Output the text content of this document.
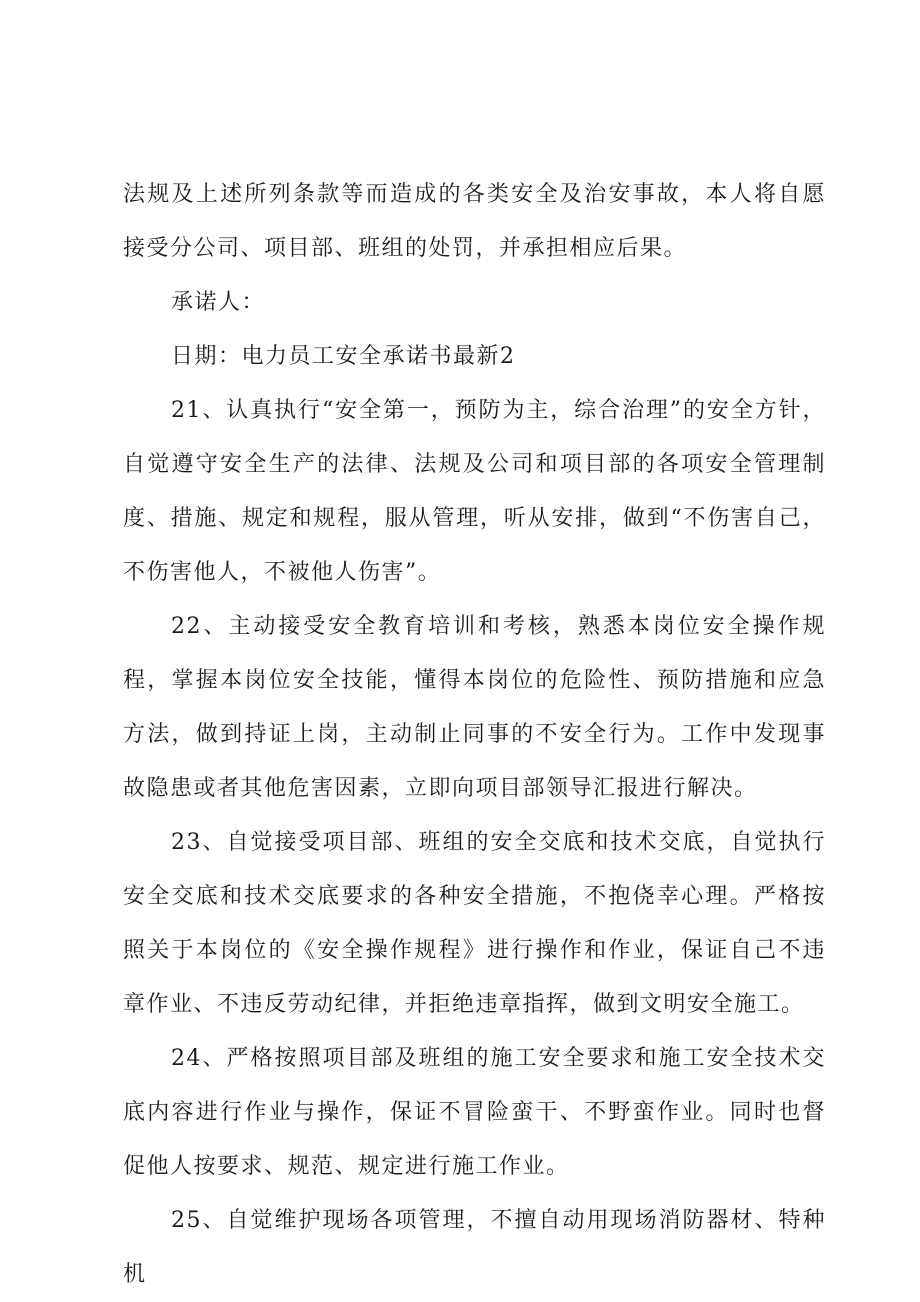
法规及上述所列条款等而造成的各类安全及治安事故，本人将自愿接受分公司、项目部、班组的处罚，并承担相应后果。

承诺人：

日期：电力员工安全承诺书最新2

21、认真执行“安全第一，预防为主，综合治理”的安全方针，自觉遵守安全生产的法律、法规及公司和项目部的各项安全管理制度、措施、规定和规程，服从管理，听从安排，做到“不伤害自己，不伤害他人，不被他人伤害”。

22、主动接受安全教育培训和考核，熟悉本岗位安全操作规程，掌握本岗位安全技能，懂得本岗位的危险性、预防措施和应急方法，做到持证上岗，主动制止同事的不安全行为。工作中发现事故隐患或者其他危害因素，立即向项目部领导汇报进行解决。

23、自觉接受项目部、班组的安全交底和技术交底，自觉执行安全交底和技术交底要求的各种安全措施，不抱侥幸心理。严格按照关于本岗位的《安全操作规程》进行操作和作业，保证自己不违章作业、不违反劳动纪律，并拒绝违章指挥，做到文明安全施工。

24、严格按照项目部及班组的施工安全要求和施工安全技术交底内容进行作业与操作，保证不冒险蛮干、不野蛮作业。同时也督促他人按要求、规范、规定进行施工作业。

25、自觉维护现场各项管理，不擅自动用现场消防器材、特种机
